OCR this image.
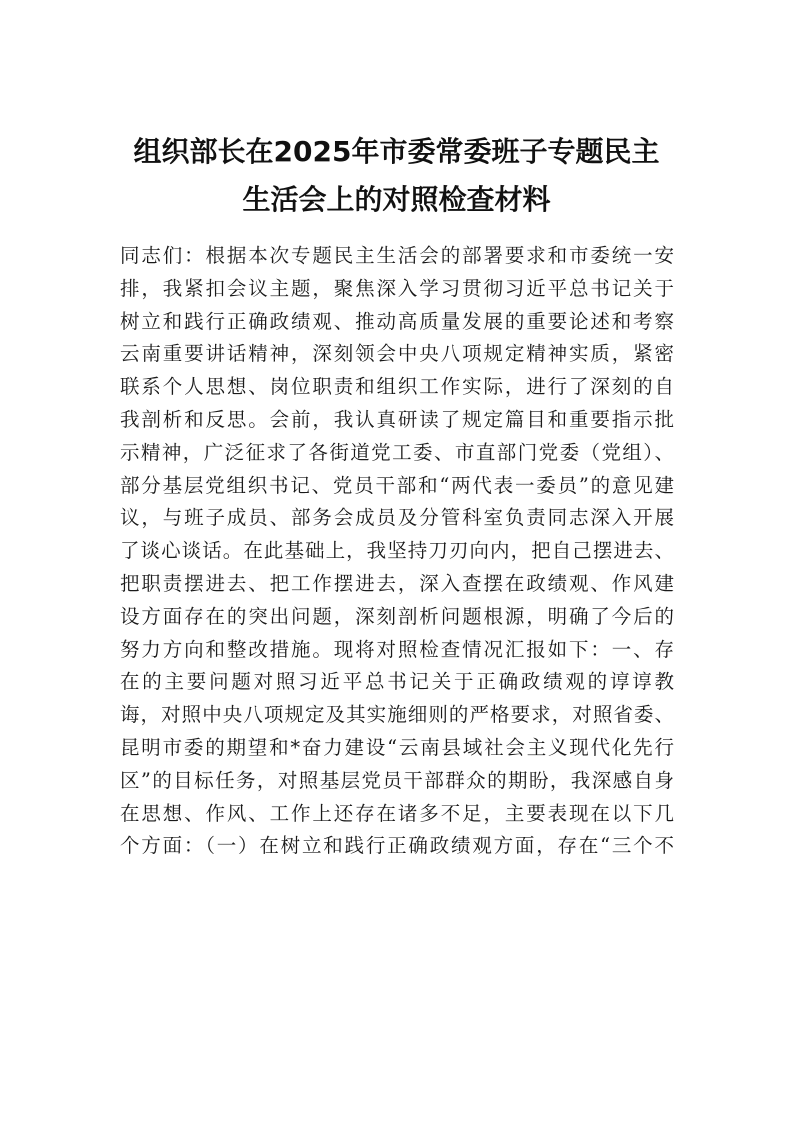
组织部长在2025年市委常委班子专题民主
生活会上的对照检查材料
同志们：根据本次专题民主生活会的部署要求和市委统一安
排，我紧扣会议主题，聚焦深入学习贯彻习近平总书记关于
树立和践行正确政绩观、推动高质量发展的重要论述和考察
云南重要讲话精神，深刻领会中央八项规定精神实质，紧密
联系个人思想、岗位职责和组织工作实际，进行了深刻的自
我剖析和反思。会前，我认真研读了规定篇目和重要指示批
示精神，广泛征求了各街道党工委、市直部门党委（党组）、
部分基层党组织书记、党员干部和“两代表一委员”的意见建
议，与班子成员、部务会成员及分管科室负责同志深入开展
了谈心谈话。在此基础上，我坚持刀刃向内，把自己摆进去、
把职责摆进去、把工作摆进去，深入查摆在政绩观、作风建
设方面存在的突出问题，深刻剖析问题根源，明确了今后的
努力方向和整改措施。现将对照检查情况汇报如下：一、存
在的主要问题对照习近平总书记关于正确政绩观的谆谆教
诲，对照中央八项规定及其实施细则的严格要求，对照省委、
昆明市委的期望和*奋力建设“云南县域社会主义现代化先行
区”的目标任务，对照基层党员干部群众的期盼，我深感自身
在思想、作风、工作上还存在诸多不足，主要表现在以下几
个方面：（一）在树立和践行正确政绩观方面，存在“三个不
